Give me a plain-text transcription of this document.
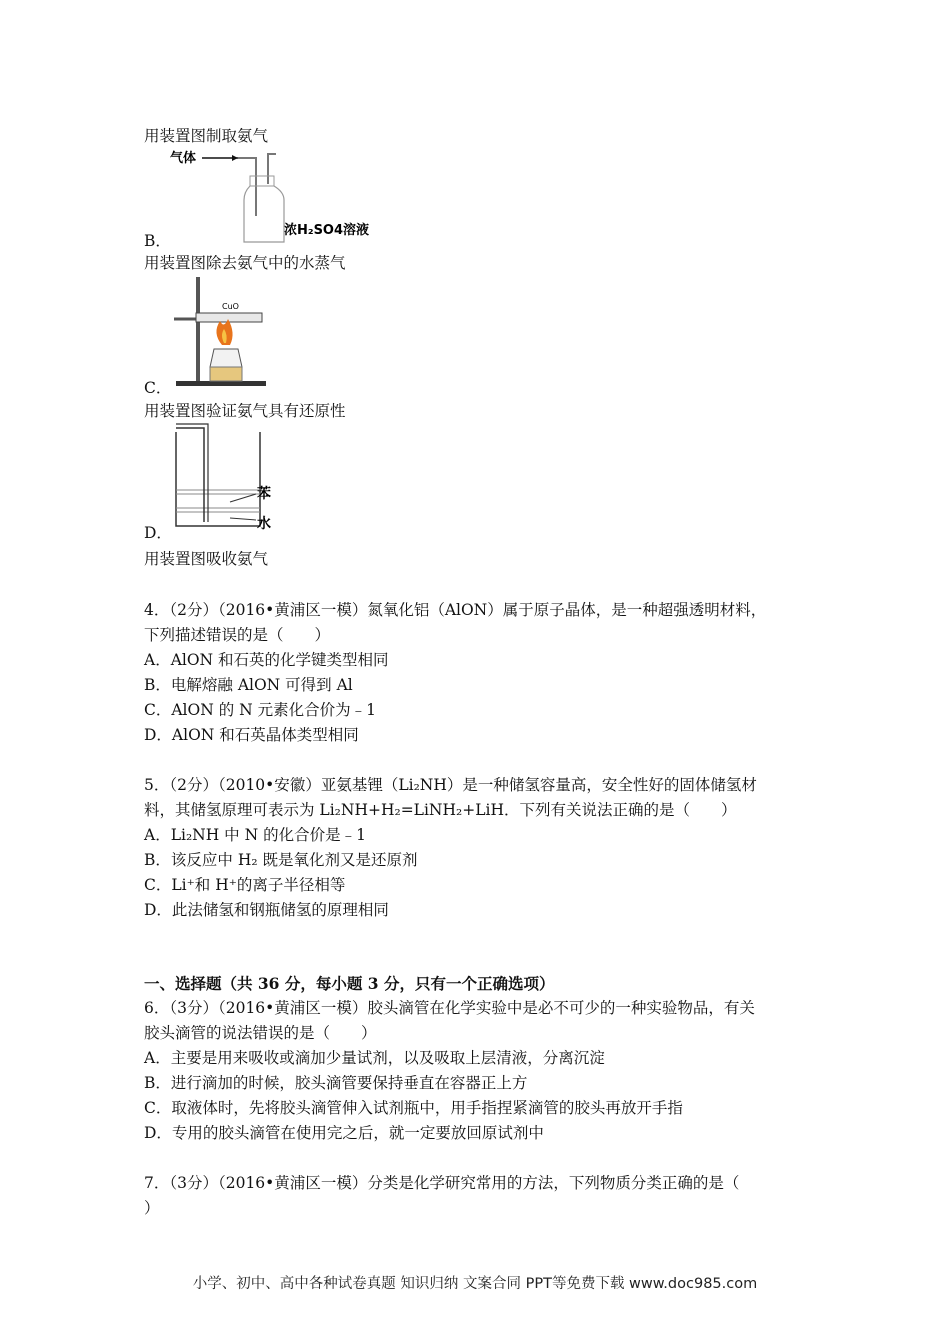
用装置图制取氨气
气体
浓H₂SO4溶液
B．
用装置图除去氨气中的水蒸气
CuO
C．
用装置图验证氨气具有还原性
苯
水
D．
用装置图吸收氨气
4．（2分）（2016•黄浦区一模）氮氧化铝（AlON）属于原子晶体，是一种超强透明材料，
下列描述错误的是（　　）
A．AlON 和石英的化学键类型相同
B．电解熔融 AlON 可得到 Al
C．AlON 的 N 元素化合价为﹣1
D．AlON 和石英晶体类型相同
5．（2分）（2010•安徽）亚氨基锂（Li₂NH）是一种储氢容量高，安全性好的固体储氢材
料，其储氢原理可表示为 Li₂NH+H₂=LiNH₂+LiH．下列有关说法正确的是（　　）
A．Li₂NH 中 N 的化合价是﹣1
B．该反应中 H₂ 既是氧化剂又是还原剂
C．Li⁺和 H⁺的离子半径相等
D．此法储氢和钢瓶储氢的原理相同
一、选择题（共 36 分，每小题 3 分，只有一个正确选项）
6．（3分）（2016•黄浦区一模）胶头滴管在化学实验中是必不可少的一种实验物品，有关
胶头滴管的说法错误的是（　　）
A．主要是用来吸收或滴加少量试剂，以及吸取上层清液，分离沉淀
B．进行滴加的时候，胶头滴管要保持垂直在容器正上方
C．取液体时，先将胶头滴管伸入试剂瓶中，用手指捏紧滴管的胶头再放开手指
D．专用的胶头滴管在使用完之后，就一定要放回原试剂中
7．（3分）（2016•黄浦区一模）分类是化学研究常用的方法，下列物质分类正确的是（
）
小学、初中、高中各种试卷真题 知识归纳 文案合同 PPT等免费下载 www.doc985.com
